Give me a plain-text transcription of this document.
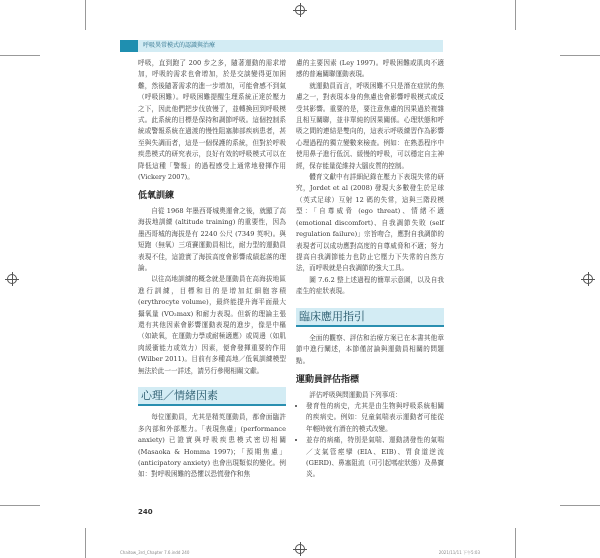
呼吸異常模式的認識與治療

呼吸，直到跑了 200 步之多，隨著運動的需求增加，呼吸的需求也會增加，於是交談變得更加困難，然後隨著需求的進一步增加，可能會感不到氣（呼吸困難）。呼吸困難提醒生理系統正達於壓力之下，因此他們把步伐放慢了，並轉換回到呼吸模式。此系統的目標是保持和調節呼吸。這個控制系統或警報系統在過渡的慢性阻塞肺部疾病患者，甚至與失調而者，這是一個保護的系統，但對於呼吸疾患模式的研究表示，良好有效的呼吸模式可以在降低這種「警報」的過程感受上通常地發揮作用 (Vickery 2007)。

低氧訓練

自從 1968 年墨西哥城奧運會之後，就顯了高海拔地訓練 (altitude training) 的重要性，因為墨西哥城的海拔是有 2240 公尺 (7349 英呎)。與短跑（無氧）三項賽運動員相比，耐力型的運動員表現不佳，這證實了海拔高度會影響成績起落的理論。

以往高地訓練的概念就是運動員在高海拔地區進行訓練，目標和目的是增加紅細胞容積 (erythrocyte volume)，最終能提升海平面最大攝氧量 (VO₂max) 和耐力表現。但新的理論主張還有其他因素會影響運動表現的進步，像是中樞（如缺氧，在運動力學或耐極適應）或周邊（如肌肉緩衝能力或效力）因素，便會發揮重要的作用 (Wilber 2011)。目前有多種高地／低氧訓練模型無法於此一一詳述，請另行參閱相關文獻。

心理／情緒因素

每位運動員，尤其是精英運動員，都會面臨許多內部和外部壓力。「表現焦慮」(performance anxiety) 已證實與呼吸疾患模式密切相關 (Masaoka & Homma 1997)；「預期焦慮」(anticipatory anxiety) 也會出現類似的變化。例如：對呼吸困難的恐懼以恐慌發作和焦

慮的主要因素 (Ley 1997)。呼吸困難或肌肉不適感的普遍關聯運動表現。

就運動員而言，呼吸困難不只是潛在症狀的焦慮之一，對表現本身的焦慮也會影響呼吸模式或反受其影響。重要的是，要注意焦慮的因果過於複雜且相互關聯，並非單純的因果關係。心理狀態和呼吸之間的連結是雙向的，這表示呼吸練習作為影響心理過程的獨立變數來檢查。例如：在熟悉程序中使用鼻子進行低沉、緩慢的呼吸，可以穩定自主神經，保存能量從維持大腦皮質的控制。

體育文獻中有詳細紀錄在壓力下表現失常的研究，Jordet et al (2008) 發現大多數發生於足球（英式足球）互射 12 碼的失常，這與三階段模型：「自尊威脅 (ego threat)、情緒不適 (emotional discomfort)、自我調節失敗 (self regulation failure)」宗旨吻合，應對自我調節的表現者可以成功應對高度的自尊威脅和不適；努力提高自我調節能力也防止它壓力下失常的自然方法，而呼吸就是自我調節的強大工具。

圖 7.6.2 整上述過程的簡單示意圖，以及自我產生的症狀表現。

臨床應用指引

全面的觀察、評估和治療方案已在本書其他章節中進行闡述，本節僅討論與運動員相關的問題點。

運動員評估指標

評估呼吸與問運動員下列事項：

• 發育性的病史，尤其是由生物與呼吸系統相關的疾病史。例如：兒童氣喘表示運動者可能從年輕時就有潛在的模式改變。
• 並存的病痛，特別是氣喘、運動誘發性的氣喘／支氣管痙攣 (EIA、EIB)、胃食道逆流 (GERD)、鼻塞阻流（可引起嗎症狀態）及鼻竇炎。
240
Chaitow_3rd_Chapter 7.6.indd 240	2021/11/11 下午5:03
